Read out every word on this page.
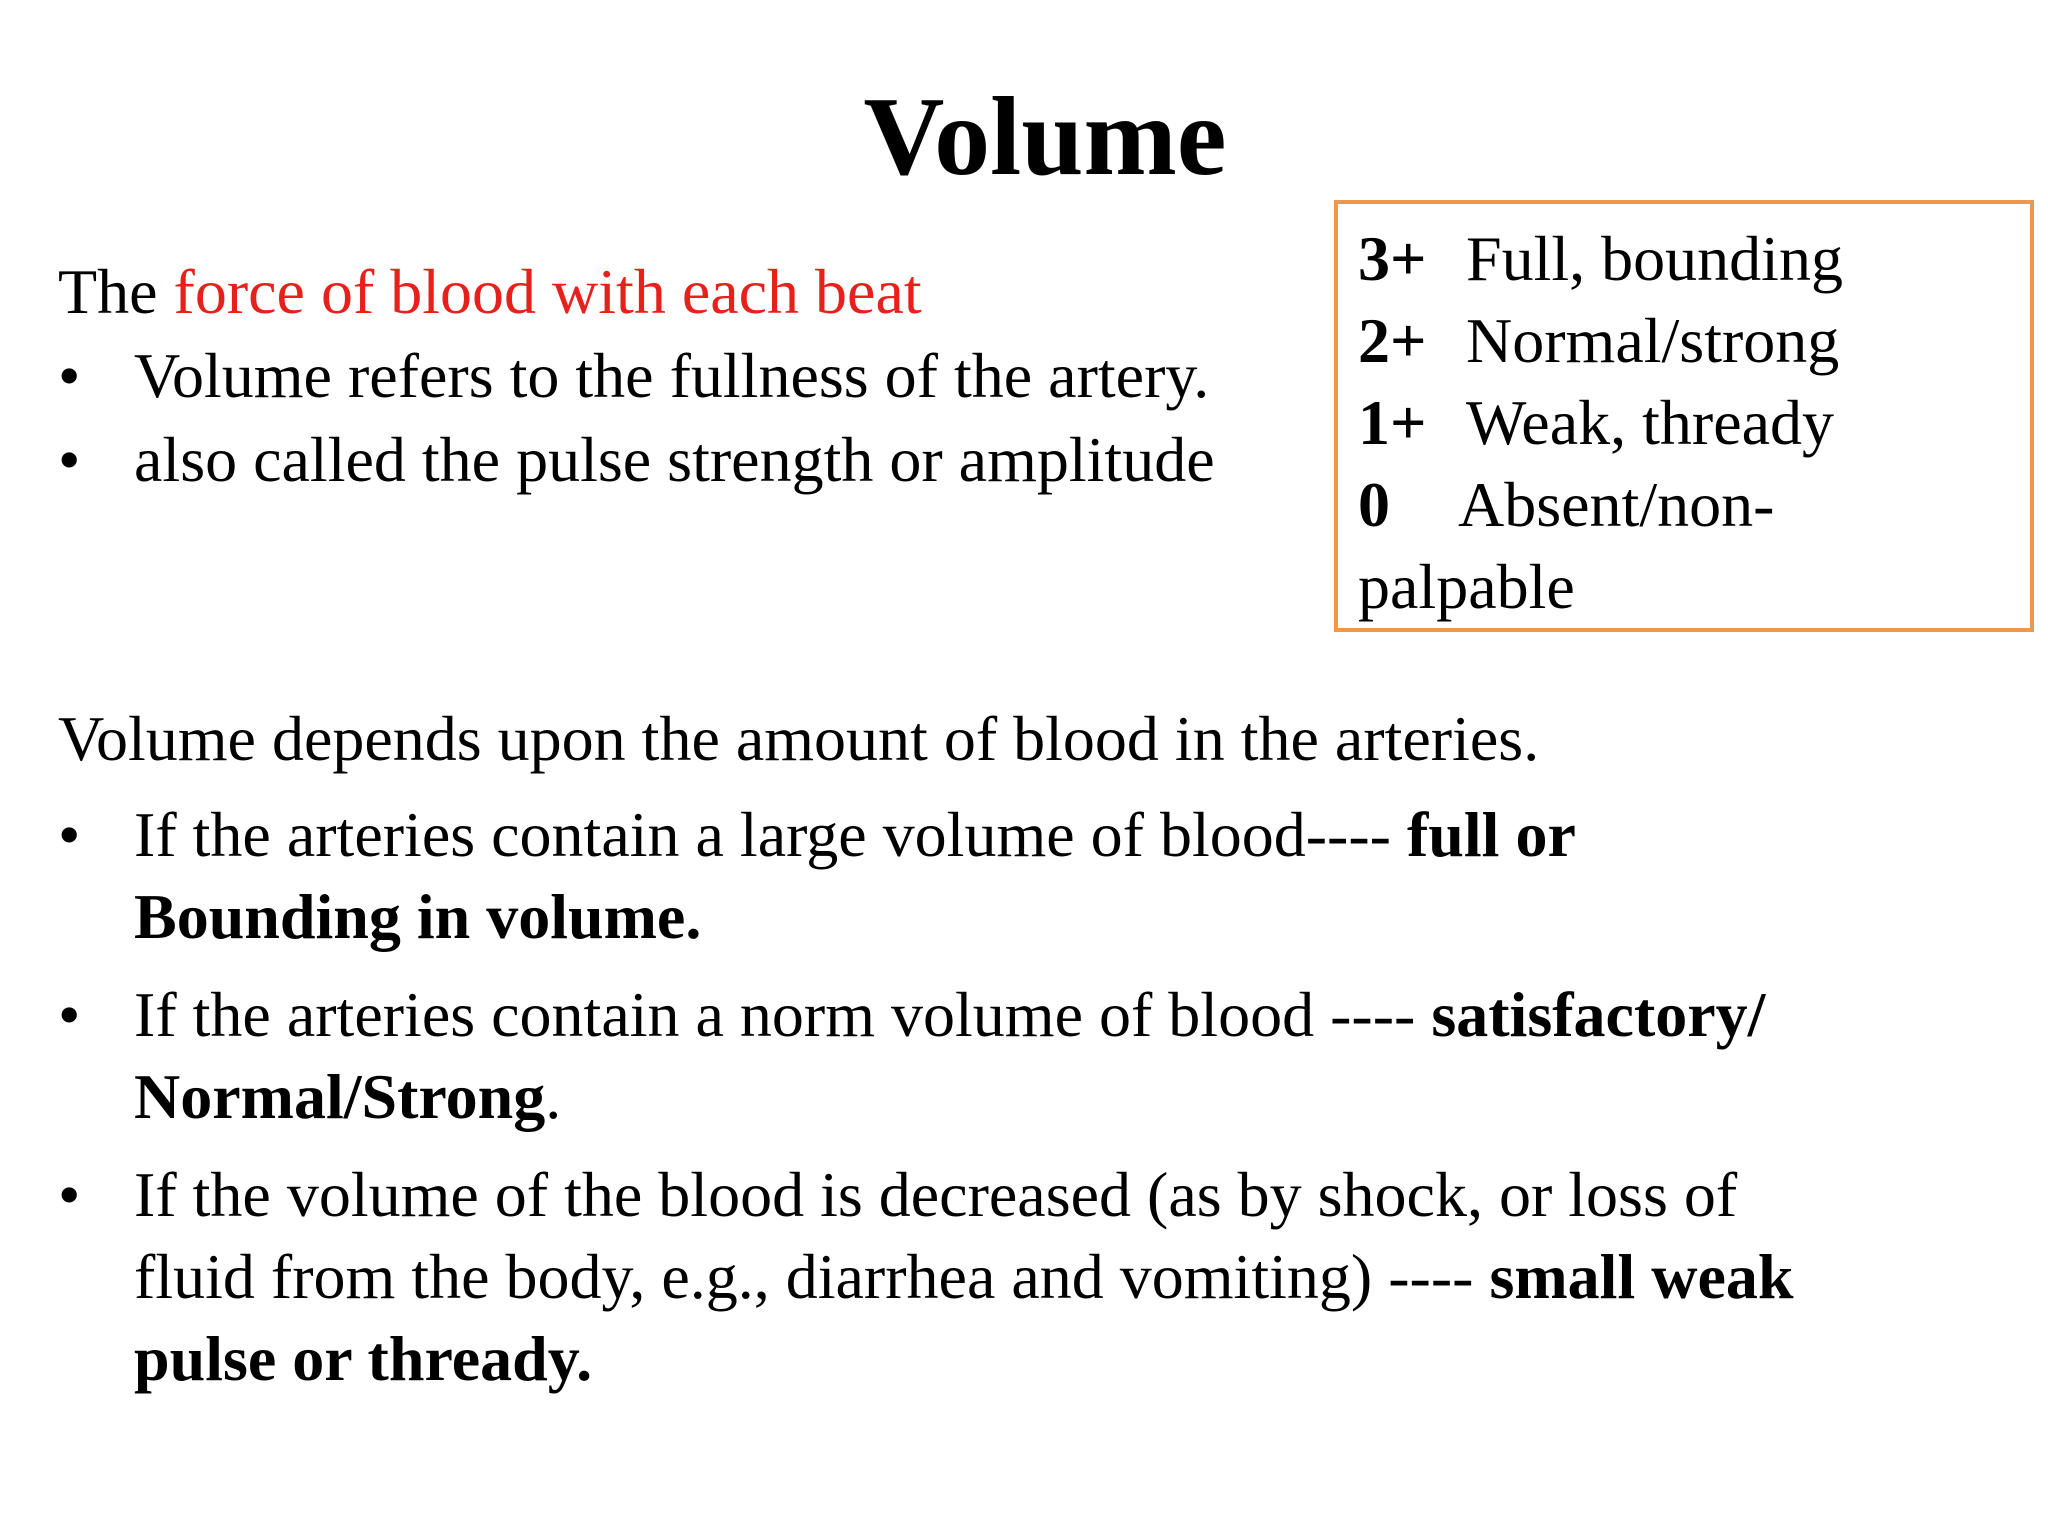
Volume
The force of blood with each beat
• Volume refers to the fullness of the artery.
• also called the pulse strength or amplitude
3+ Full, bounding
2+ Normal/strong
1+ Weak, thready
0 Absent/non-
palpable
Volume depends upon the amount of blood in the arteries.
• If the arteries contain a large volume of blood---- full or

Bounding in volume.

• If the arteries contain a norm volume of blood ---- satisfactory/

Normal/Strong.

• If the volume of the blood is decreased (as by shock, or loss of

fluid from the body, e.g., diarrhea and vomiting) ---- small weak

pulse or thready.
